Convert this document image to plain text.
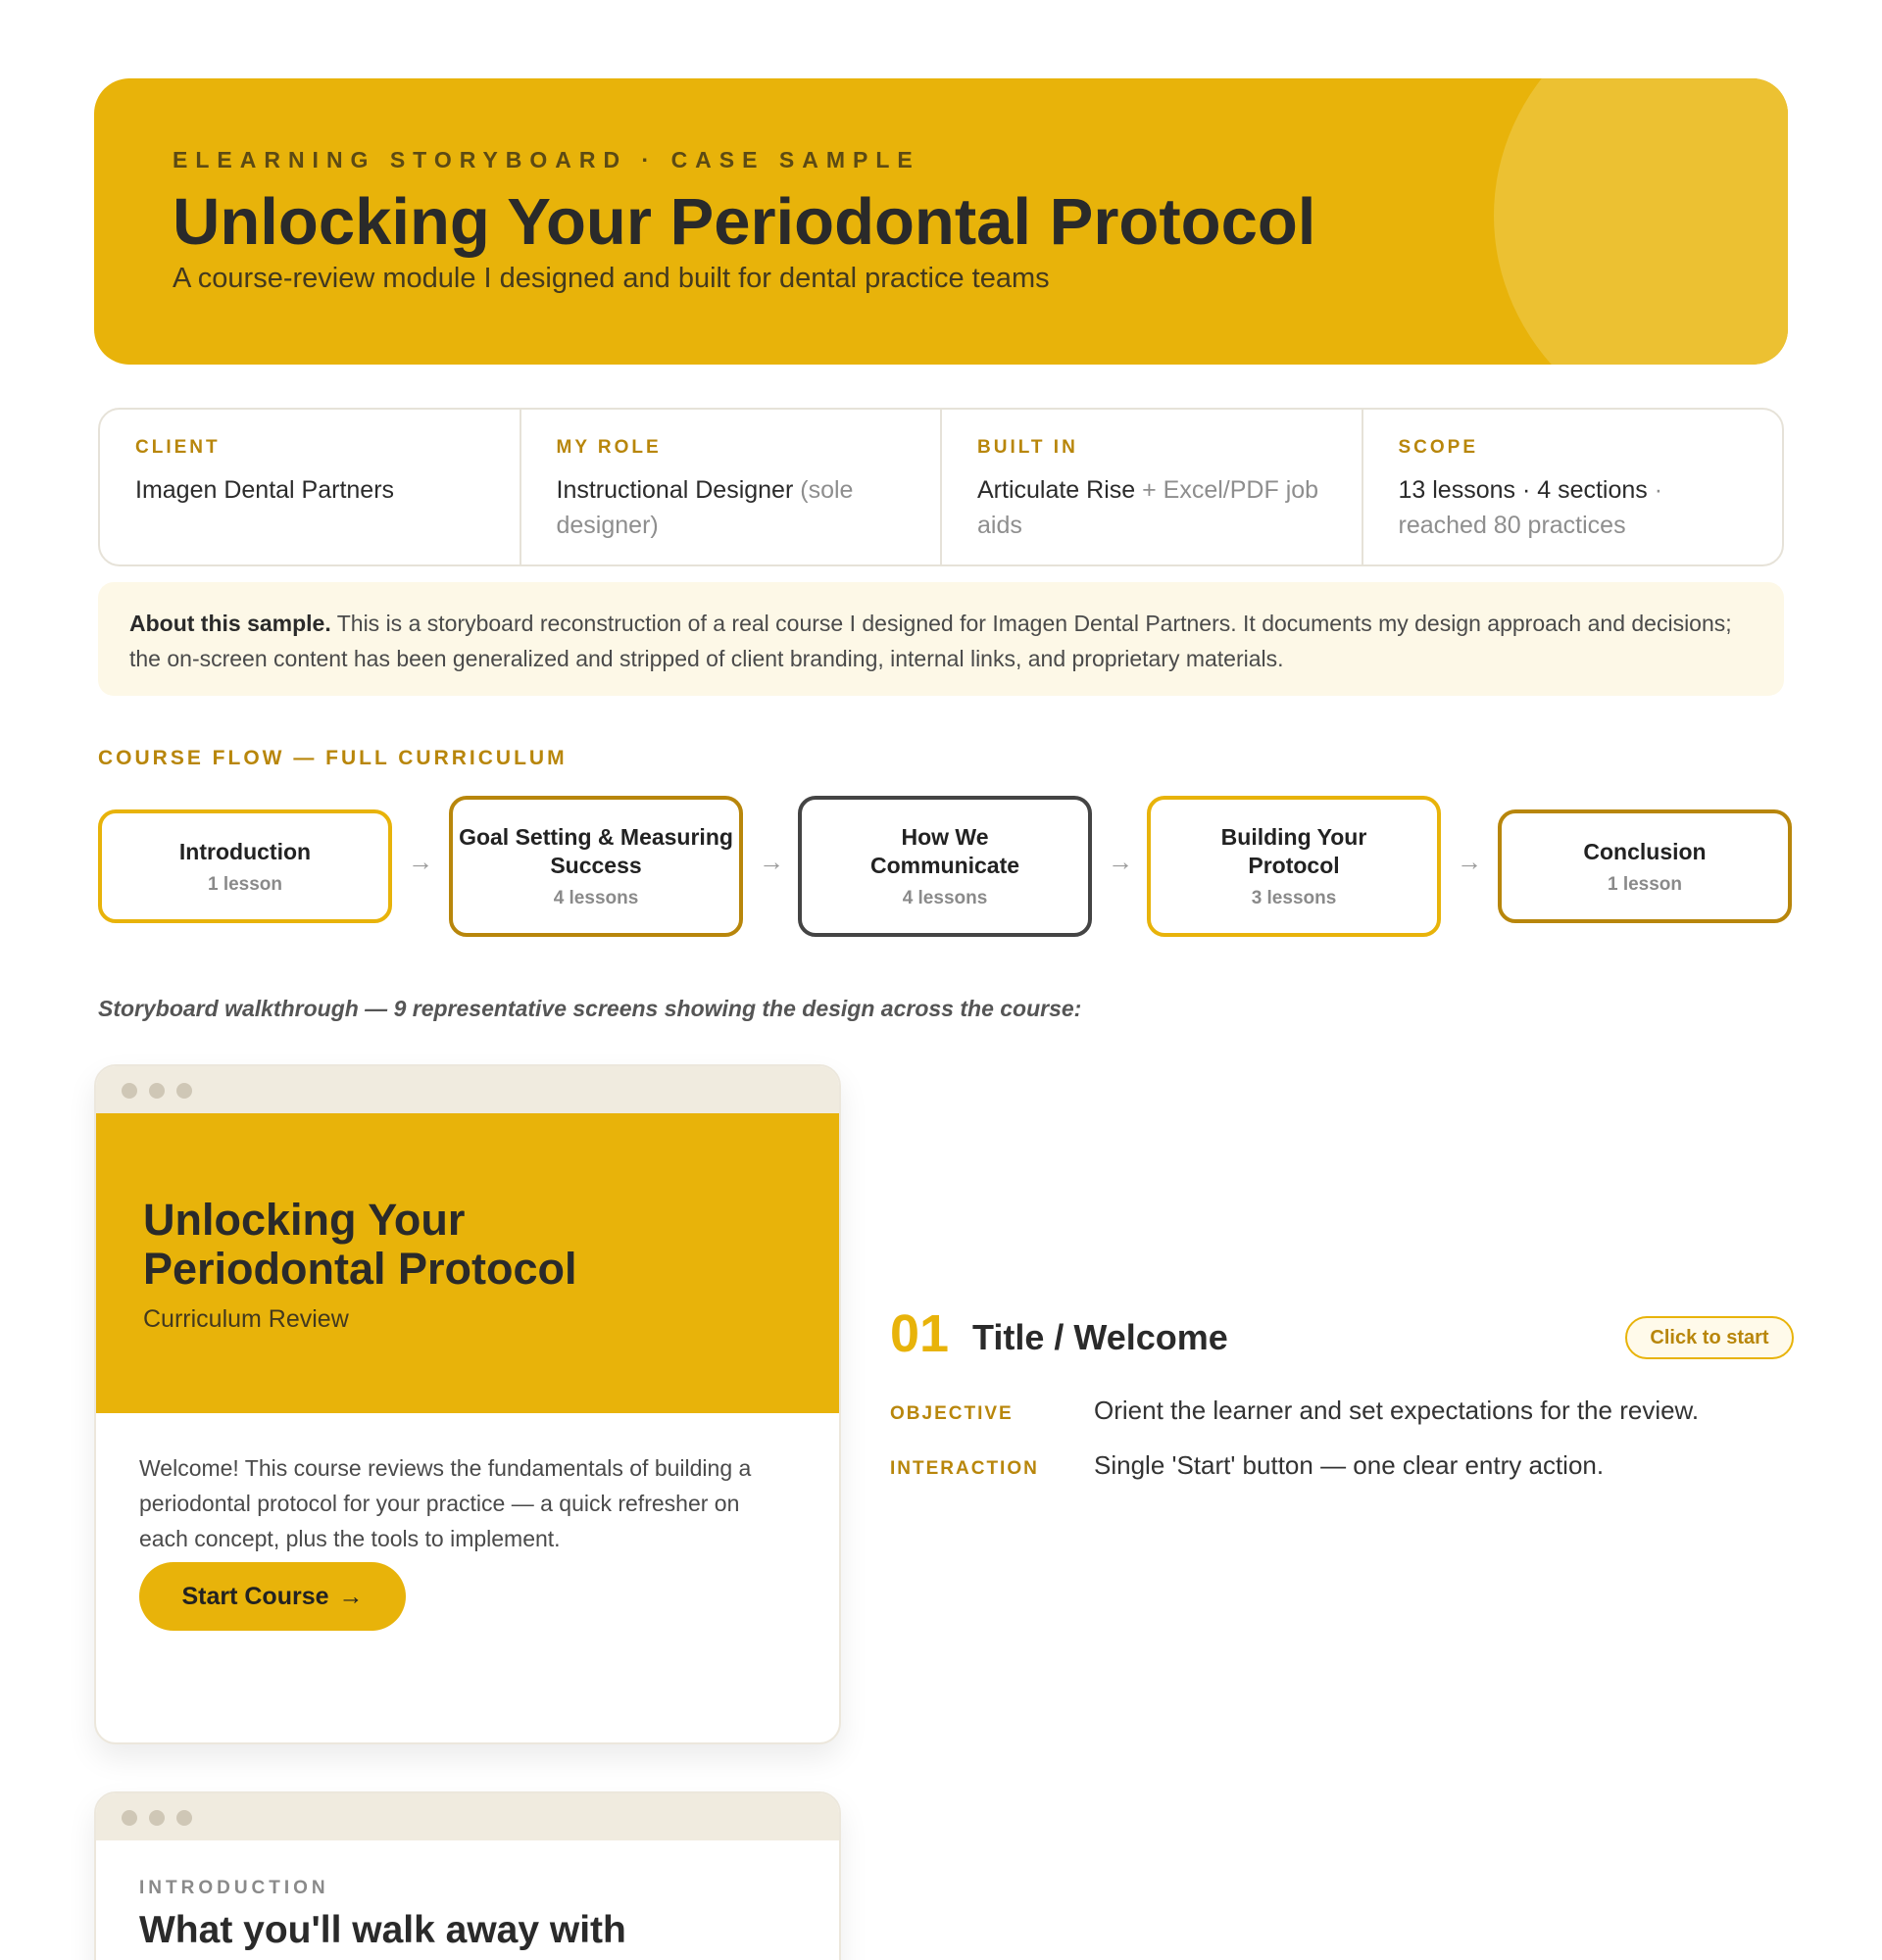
ELEARNING STORYBOARD · CASE SAMPLE
Unlocking Your Periodontal Protocol
A course-review module I designed and built for dental practice teams
CLIENT
Imagen Dental Partners
MY ROLE
Instructional Designer (sole designer)
BUILT IN
Articulate Rise + Excel/PDF job aids
SCOPE
13 lessons · 4 sections · reached 80 practices
About this sample. This is a storyboard reconstruction of a real course I designed for Imagen Dental Partners. It documents my design approach and decisions; the on-screen content has been generalized and stripped of client branding, internal links, and proprietary materials.
COURSE FLOW — FULL CURRICULUM
Introduction
1 lesson
→
Goal Setting & Measuring Success
4 lessons
→
How We Communicate
4 lessons
→
Building Your Protocol
3 lessons
→	Conclusion
1 lesson
Storyboard walkthrough — 9 representative screens showing the design across the course:
Unlocking Your Periodontal Protocol
Curriculum Review
Welcome! This course reviews the fundamentals of building a periodontal protocol for your practice — a quick refresher on each concept, plus the tools to implement.
Start Course →
01 Title / Welcome	Click to start
OBJECTIVE	Orient the learner and set expectations for the review.
INTERACTION	Single 'Start' button — one clear entry action.
INTRODUCTION
What you'll walk away with
